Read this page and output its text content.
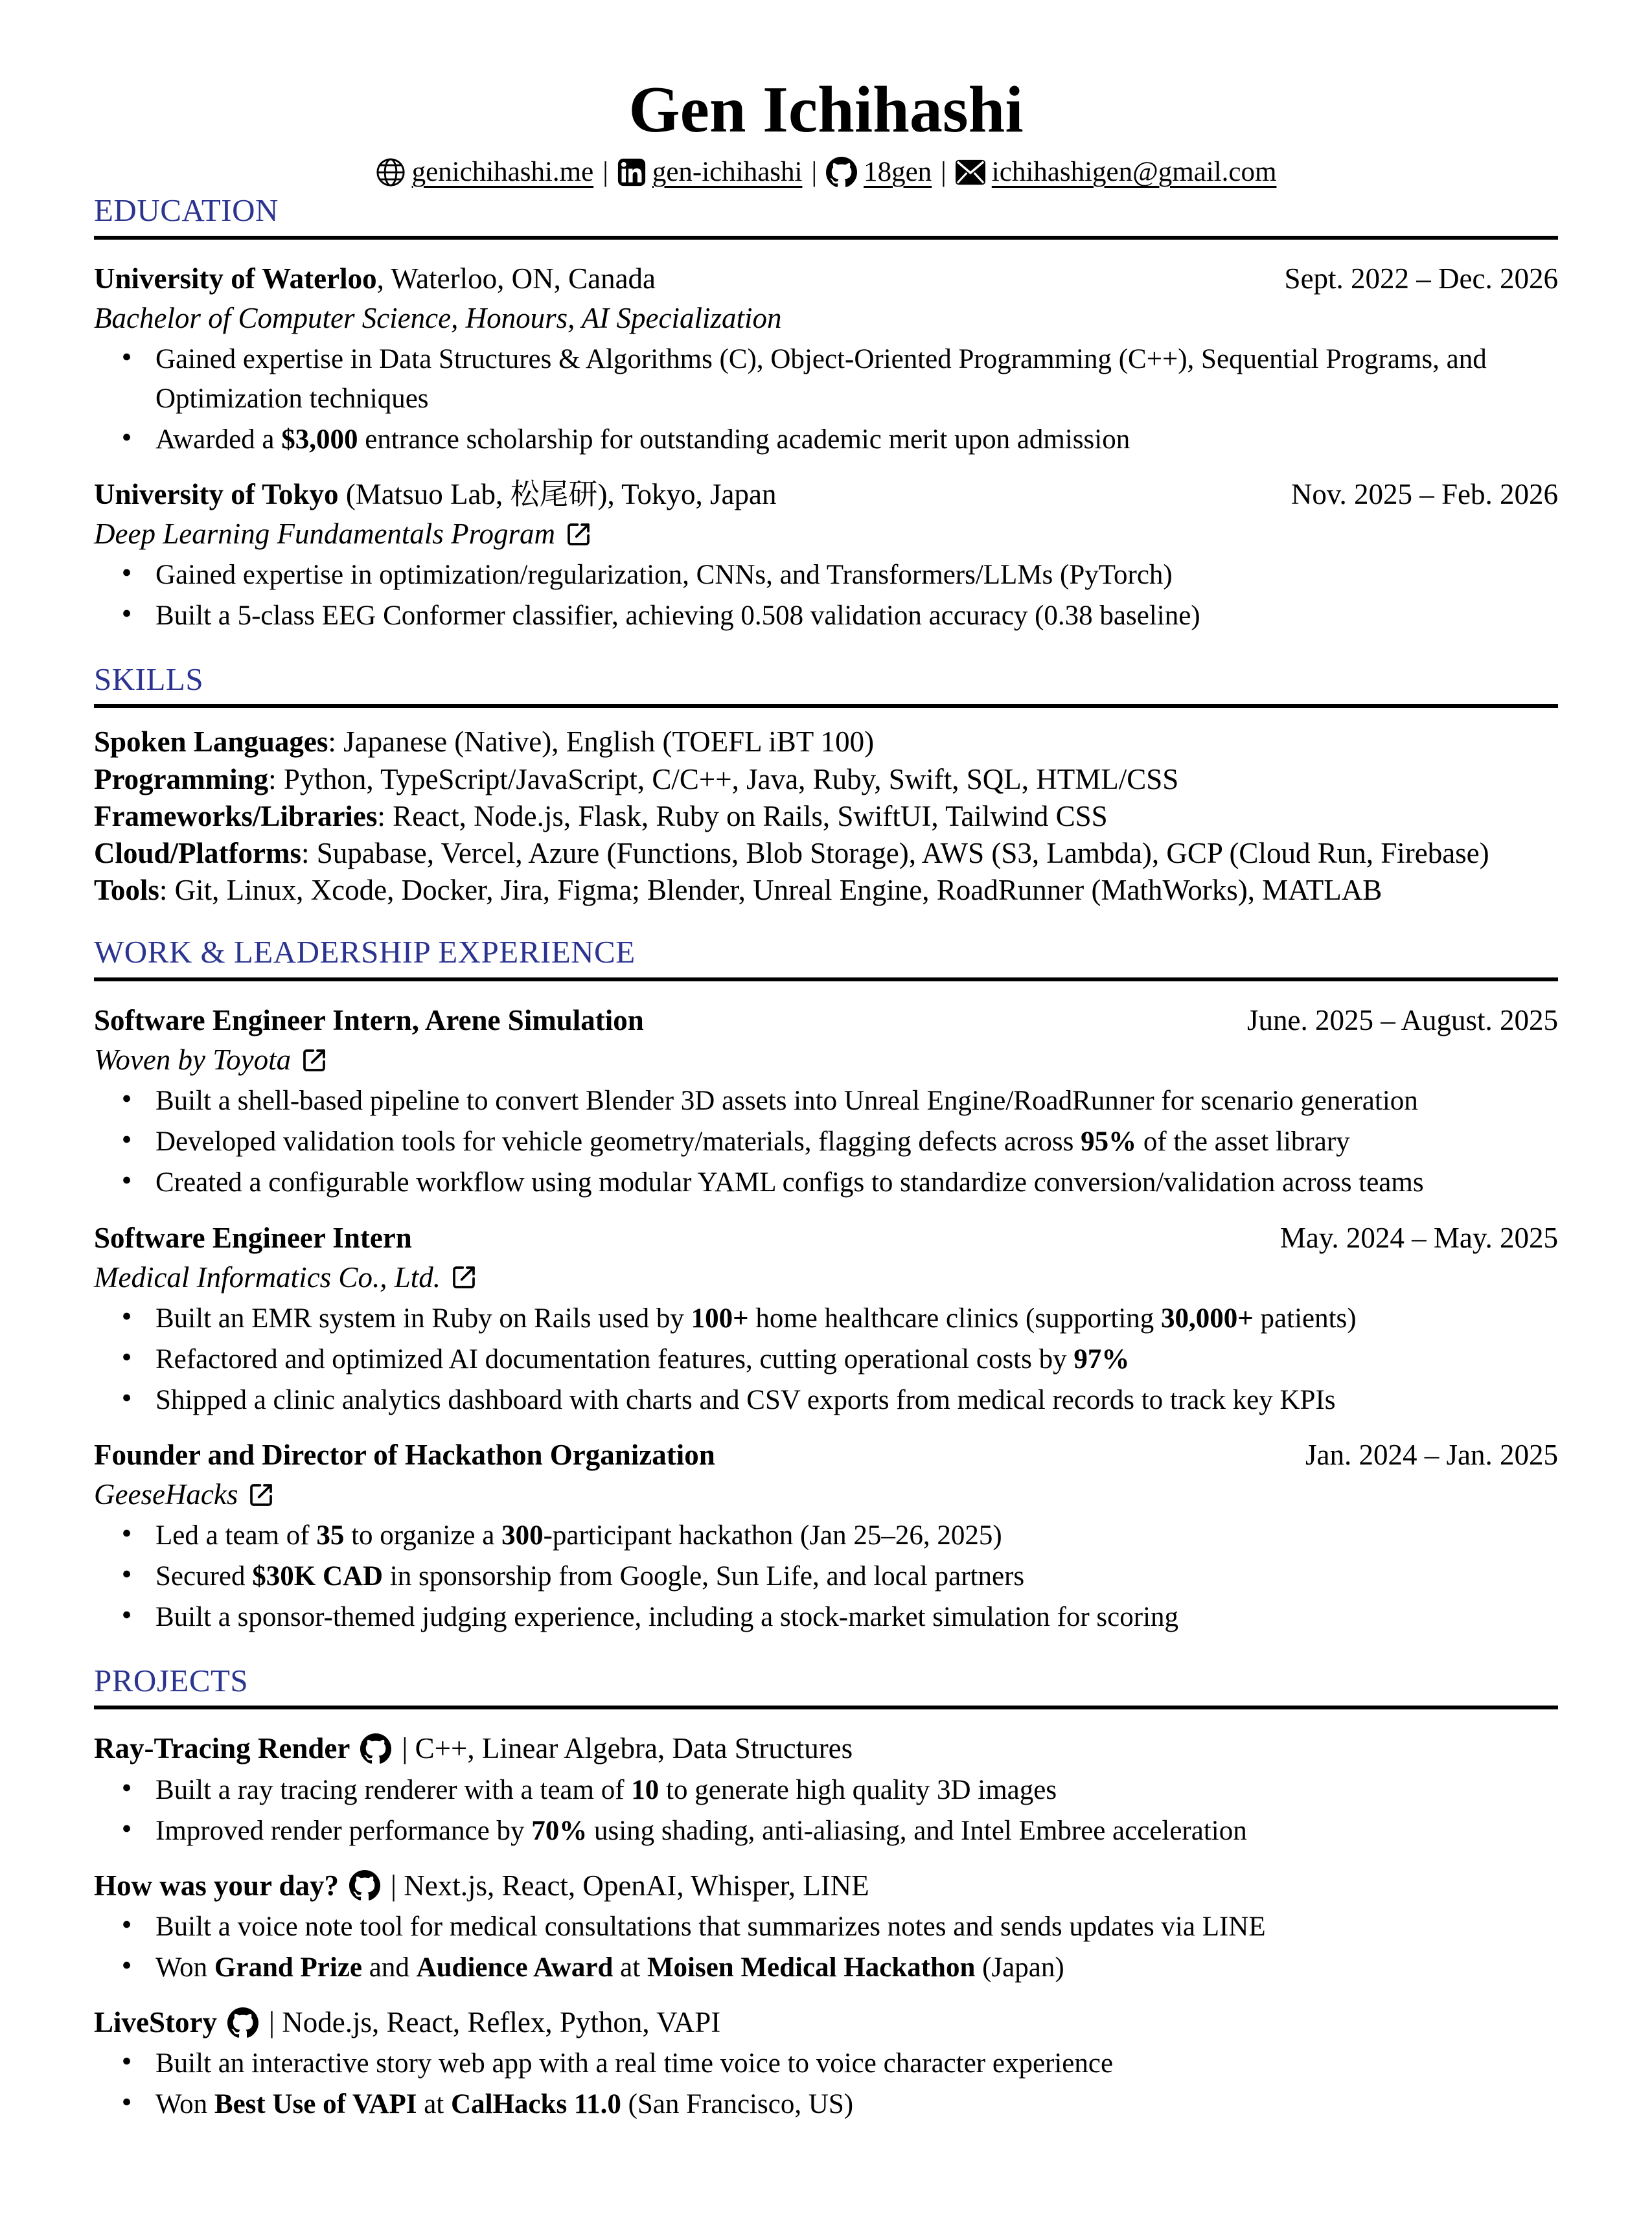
Gen Ichihashi
genichihashi.me | gen-ichihashi | 18gen | ichihashigen@gmail.com
EDUCATION
University of Waterloo, Waterloo, ON, Canada	Sept. 2022 – Dec. 2026
Bachelor of Computer Science, Honours, AI Specialization
● Gained expertise in Data Structures & Algorithms (C), Object-Oriented Programming (C++), Sequential Programs, and Optimization techniques
● Awarded a $3,000 entrance scholarship for outstanding academic merit upon admission
University of Tokyo (Matsuo Lab, 松尾研), Tokyo, Japan	Nov. 2025 – Feb. 2026
Deep Learning Fundamentals Program
● Gained expertise in optimization/regularization, CNNs, and Transformers/LLMs (PyTorch)
● Built a 5-class EEG Conformer classifier, achieving 0.508 validation accuracy (0.38 baseline)
SKILLS
Spoken Languages: Japanese (Native), English (TOEFL iBT 100)
Programming: Python, TypeScript/JavaScript, C/C++, Java, Ruby, Swift, SQL, HTML/CSS
Frameworks/Libraries: React, Node.js, Flask, Ruby on Rails, SwiftUI, Tailwind CSS
Cloud/Platforms: Supabase, Vercel, Azure (Functions, Blob Storage), AWS (S3, Lambda), GCP (Cloud Run, Firebase)
Tools: Git, Linux, Xcode, Docker, Jira, Figma; Blender, Unreal Engine, RoadRunner (MathWorks), MATLAB
WORK & LEADERSHIP EXPERIENCE
Software Engineer Intern, Arene Simulation	June. 2025 – August. 2025
Woven by Toyota
● Built a shell-based pipeline to convert Blender 3D assets into Unreal Engine/RoadRunner for scenario generation
● Developed validation tools for vehicle geometry/materials, flagging defects across 95% of the asset library
● Created a configurable workflow using modular YAML configs to standardize conversion/validation across teams
Software Engineer Intern	May. 2024 – May. 2025
Medical Informatics Co., Ltd.
● Built an EMR system in Ruby on Rails used by 100+ home healthcare clinics (supporting 30,000+ patients)
● Refactored and optimized AI documentation features, cutting operational costs by 97%
● Shipped a clinic analytics dashboard with charts and CSV exports from medical records to track key KPIs
Founder and Director of Hackathon Organization	Jan. 2024 – Jan. 2025
GeeseHacks
● Led a team of 35 to organize a 300-participant hackathon (Jan 25–26, 2025)
● Secured $30K CAD in sponsorship from Google, Sun Life, and local partners
● Built a sponsor-themed judging experience, including a stock-market simulation for scoring
PROJECTS
Ray-Tracing Render | C++, Linear Algebra, Data Structures
● Built a ray tracing renderer with a team of 10 to generate high quality 3D images
● Improved render performance by 70% using shading, anti-aliasing, and Intel Embree acceleration
How was your day? | Next.js, React, OpenAI, Whisper, LINE
● Built a voice note tool for medical consultations that summarizes notes and sends updates via LINE
● Won Grand Prize and Audience Award at Moisen Medical Hackathon (Japan)
LiveStory | Node.js, React, Reflex, Python, VAPI
● Built an interactive story web app with a real time voice to voice character experience
● Won Best Use of VAPI at CalHacks 11.0 (San Francisco, US)
